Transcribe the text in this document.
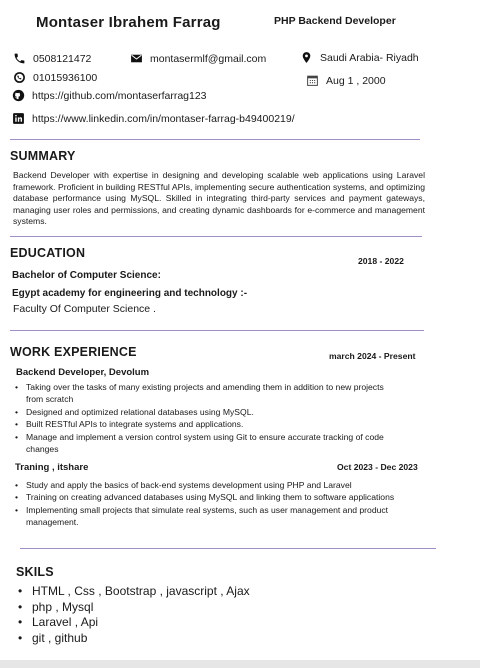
Montaser Ibrahem Farrag	PHP Backend Developer
0508121472	montasermlf@gmail.com	Saudi Arabia- Riyadh
01015936100	Aug 1 , 2000
https://github.com/montaserfarrag123
https://www.linkedin.com/in/montaser-farrag-b49400219/
SUMMARY
Backend Developer with expertise in designing and developing scalable web applications using Laravel framework. Proficient in building RESTful APIs, implementing secure authentication systems, and optimizing database performance using MySQL. Skilled in integrating third-party services and payment gateways, managing user roles and permissions, and creating dynamic dashboards for e-commerce and management systems.
EDUCATION
2018 - 2022
Bachelor of Computer Science:
Egypt academy for engineering and technology :-
Faculty Of Computer Science .
WORK EXPERIENCE	march 2024 - Present
Backend Developer, Devolum
• Taking over the tasks of many existing projects and amending them in addition to new projects from scratch
• Designed and optimized relational databases using MySQL.
• Built RESTful APIs to integrate systems and applications.
• Manage and implement a version control system using Git to ensure accurate tracking of code changes
Traning , itshare	Oct 2023 - Dec 2023
• Study and apply the basics of back-end systems development using PHP and Laravel
• Training on creating advanced databases using MySQL and linking them to software applications
• Implementing small projects that simulate real systems, such as user management and product management.
SKILS
• HTML , Css , Bootstrap , javascript , Ajax
• php , Mysql
• Laravel , Api
• git , github
